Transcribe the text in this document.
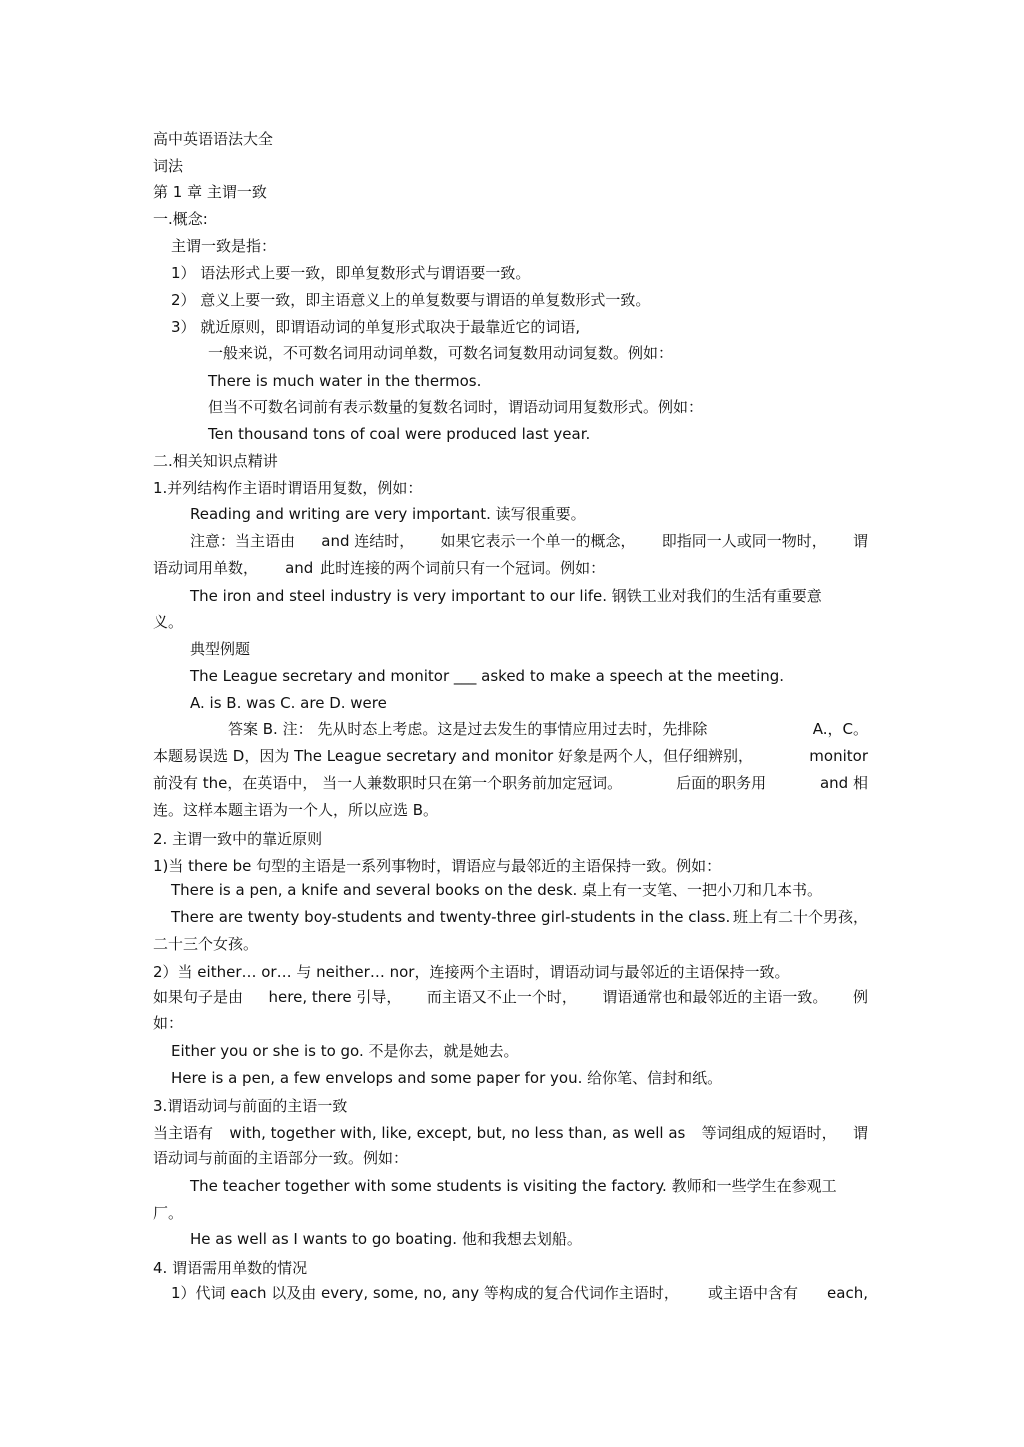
高中英语语法大全
词法
第 1 章 主谓一致
一.概念:
主谓一致是指：
1） 语法形式上要一致，即单复数形式与谓语要一致。
2） 意义上要一致，即主语意义上的单复数要与谓语的单复数形式一致。
3） 就近原则，即谓语动词的单复形式取决于最靠近它的词语,
一般来说，不可数名词用动词单数，可数名词复数用动词复数。例如：
There is much water in the thermos.
但当不可数名词前有表示数量的复数名词时，谓语动词用复数形式。例如：
Ten thousand tons of coal were produced last year.
二.相关知识点精讲
1.并列结构作主语时谓语用复数，例如：
Reading and writing are very important. 读写很重要。
注意：当主语由 and 连结时， 如果它表示一个单一的概念， 即指同一人或同一物时， 谓
语动词用单数， and 此时连接的两个词前只有一个冠词。例如：
The iron and steel industry is very important to our life. 钢铁工业对我们的生活有重要意
义。
典型例题
The League secretary and monitor ___ asked to make a speech at the meeting.
A. is B. was C. are D. were
答案 B. 注： 先从时态上考虑。这是过去发生的事情应用过去时，先排除	A.，C。
本题易误选 D，因为 The League secretary and monitor 好象是两个人，但仔细辨别，	monitor
前没有 the，在英语中， 当一人兼数职时只在第一个职务前加定冠词。	后面的职务用	and 相
连。这样本题主语为一个人，所以应选 B。
2. 主谓一致中的靠近原则
1)当 there be 句型的主语是一系列事物时，谓语应与最邻近的主语保持一致。例如：
There is a pen, a knife and several books on the desk. 桌上有一支笔、一把小刀和几本书。
There are twenty boy-students and twenty-three girl-students in the class. 班上有二十个男孩，
二十三个女孩。
2）当 either… or… 与 neither… nor，连接两个主语时，谓语动词与最邻近的主语保持一致。
如果句子是由 here, there 引导， 而主语又不止一个时， 谓语通常也和最邻近的主语一致。 例
如：
Either you or she is to go. 不是你去，就是她去。
Here is a pen, a few envelops and some paper for you. 给你笔、信封和纸。
3.谓语动词与前面的主语一致
当主语有 with, together with, like, except, but, no less than, as well as 等词组成的短语时， 谓
语动词与前面的主语部分一致。例如：
The teacher together with some students is visiting the factory. 教师和一些学生在参观工
厂。
He as well as I wants to go boating. 他和我想去划船。
4. 谓语需用单数的情况
1）代词 each 以及由 every, some, no, any 等构成的复合代词作主语时， 或主语中含有 each,
